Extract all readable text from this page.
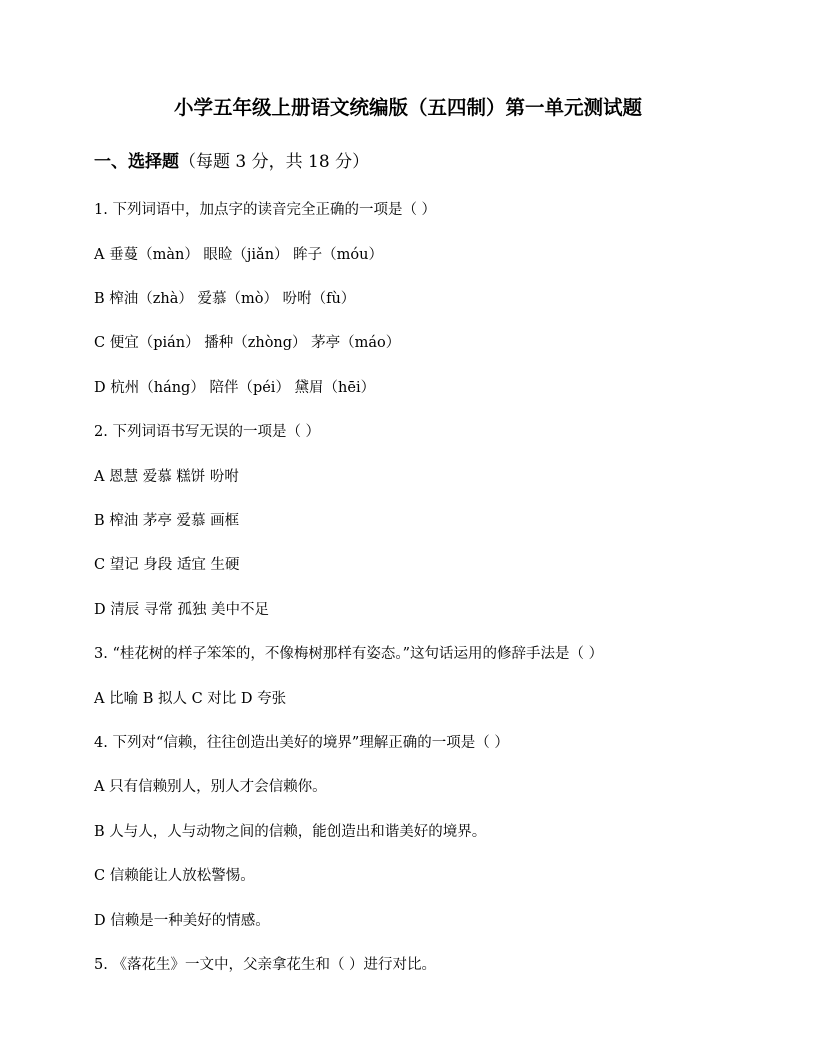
小学五年级上册语文统编版（五四制）第一单元测试题
一、选择题（每题 3 分，共 18 分）
1. 下列词语中，加点字的读音完全正确的一项是（ ）
A 垂蔓（màn） 眼睑（jiǎn） 眸子（móu）
B 榨油（zhà） 爱慕（mò） 吩咐（fù）
C 便宜（pián） 播种（zhòng） 茅亭（máo）
D 杭州（háng） 陪伴（péi） 黛眉（hēi）
2. 下列词语书写无误的一项是（ ）
A 恩慧 爱慕 糕饼 吩咐
B 榨油 茅亭 爱慕 画框
C 望记 身段 适宜 生硬
D 清辰 寻常 孤独 美中不足
3. “桂花树的样子笨笨的，不像梅树那样有姿态。”这句话运用的修辞手法是（ ）
A 比喻 B 拟人 C 对比 D 夸张
4. 下列对“信赖，往往创造出美好的境界”理解正确的一项是（ ）
A 只有信赖别人，别人才会信赖你。
B 人与人，人与动物之间的信赖，能创造出和谐美好的境界。
C 信赖能让人放松警惕。
D 信赖是一种美好的情感。
5. 《落花生》一文中，父亲拿花生和（ ）进行对比。
